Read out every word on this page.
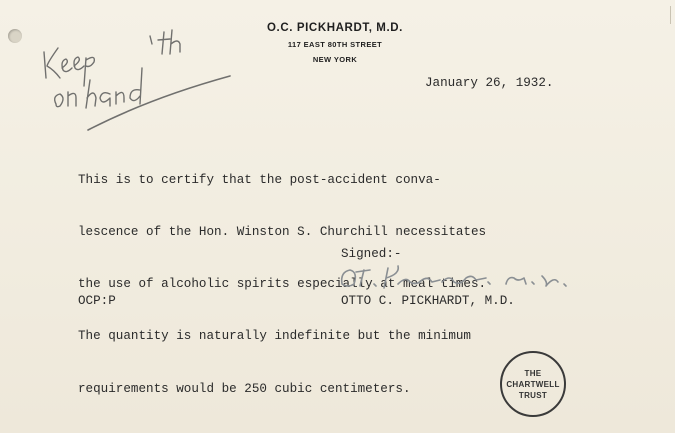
O.C. PICKHARDT, M.D.
117 EAST 80TH STREET
NEW YORK
January 26, 1932.

This is to certify that the post-accident conva-

lescence of the Hon. Winston S. Churchill necessitates

the use of alcoholic spirits especially at meal times.

The quantity is naturally indefinite but the minimum

requirements would be 250 cubic centimeters.

Signed:-
OCP:P	OTTO C. PICKHARDT, M.D.
THE
CHARTWELL
TRUST
